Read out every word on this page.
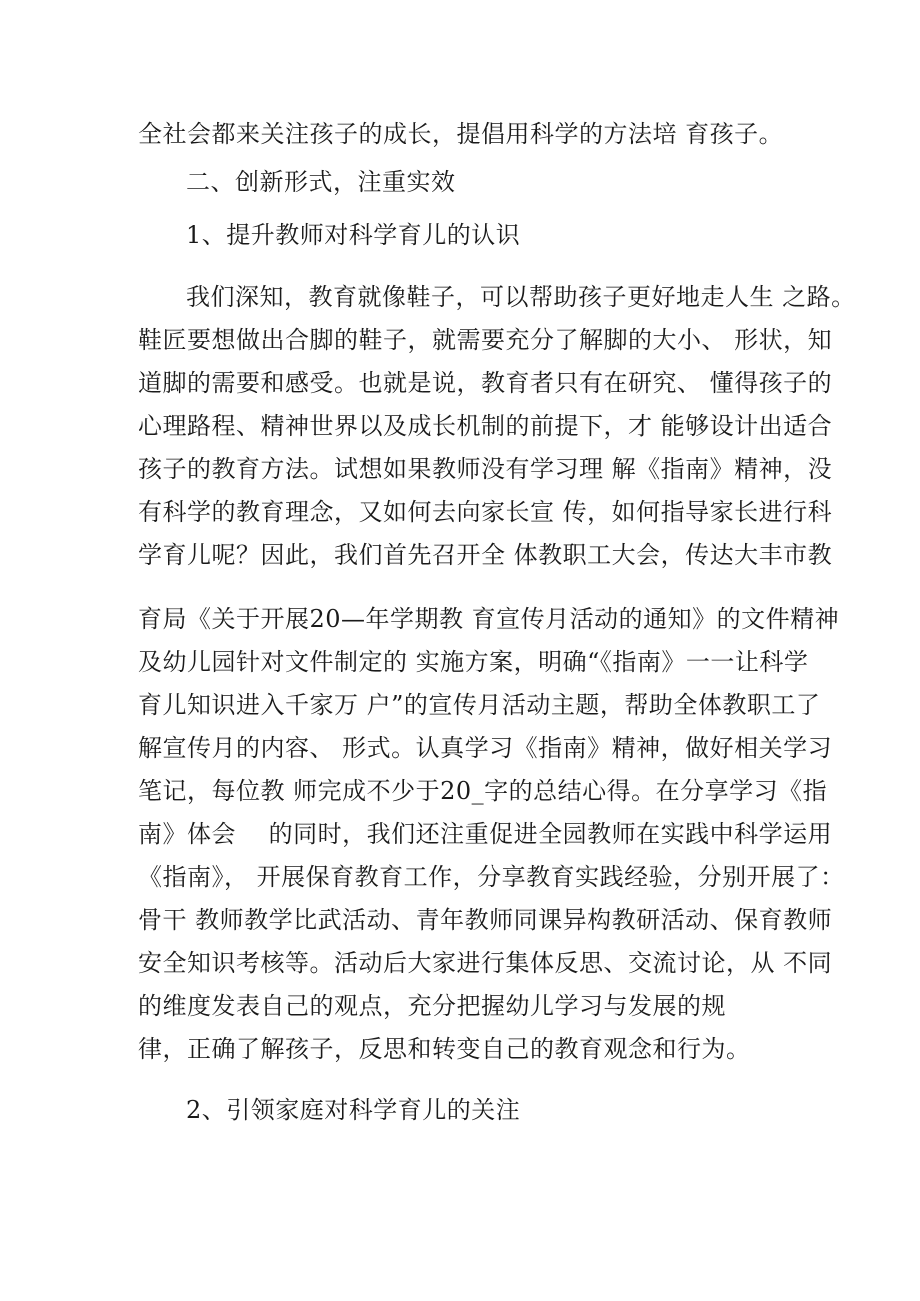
全社会都来关注孩子的成长，提倡用科学的方法培 育孩子。
二、创新形式，注重实效
1、提升教师对科学育儿的认识
我们深知，教育就像鞋子，可以帮助孩子更好地走人生 之路。
鞋匠要想做出合脚的鞋子，就需要充分了解脚的大小、 形状，知
道脚的需要和感受。也就是说，教育者只有在研究、 懂得孩子的
心理路程、精神世界以及成长机制的前提下，才 能够设计出适合
孩子的教育方法。试想如果教师没有学习理 解《指南》精神，没
有科学的教育理念，又如何去向家长宣 传，如何指导家长进行科
学育儿呢？因此，我们首先召开全 体教职工大会，传达大丰市教
育局《关于开展20—年学期教 育宣传月活动的通知》的文件精神
及幼儿园针对文件制定的 实施方案，明确“《指南》一一让科学
育儿知识进入千家万 户”的宣传月活动主题，帮助全体教职工了
解宣传月的内容、 形式。认真学习《指南》精神，做好相关学习
笔记，每位教 师完成不少于20_字的总结心得。在分享学习《指
南》体会　 的同时，我们还注重促进全园教师在实践中科学运用
《指南》， 开展保育教育工作，分享教育实践经验，分别开展了：
骨干 教师教学比武活动、青年教师同课异构教研活动、保育教师
安全知识考核等。活动后大家进行集体反思、交流讨论，从 不同
的维度发表自己的观点，充分把握幼儿学习与发展的规
律，正确了解孩子，反思和转变自己的教育观念和行为。
2、引领家庭对科学育儿的关注
